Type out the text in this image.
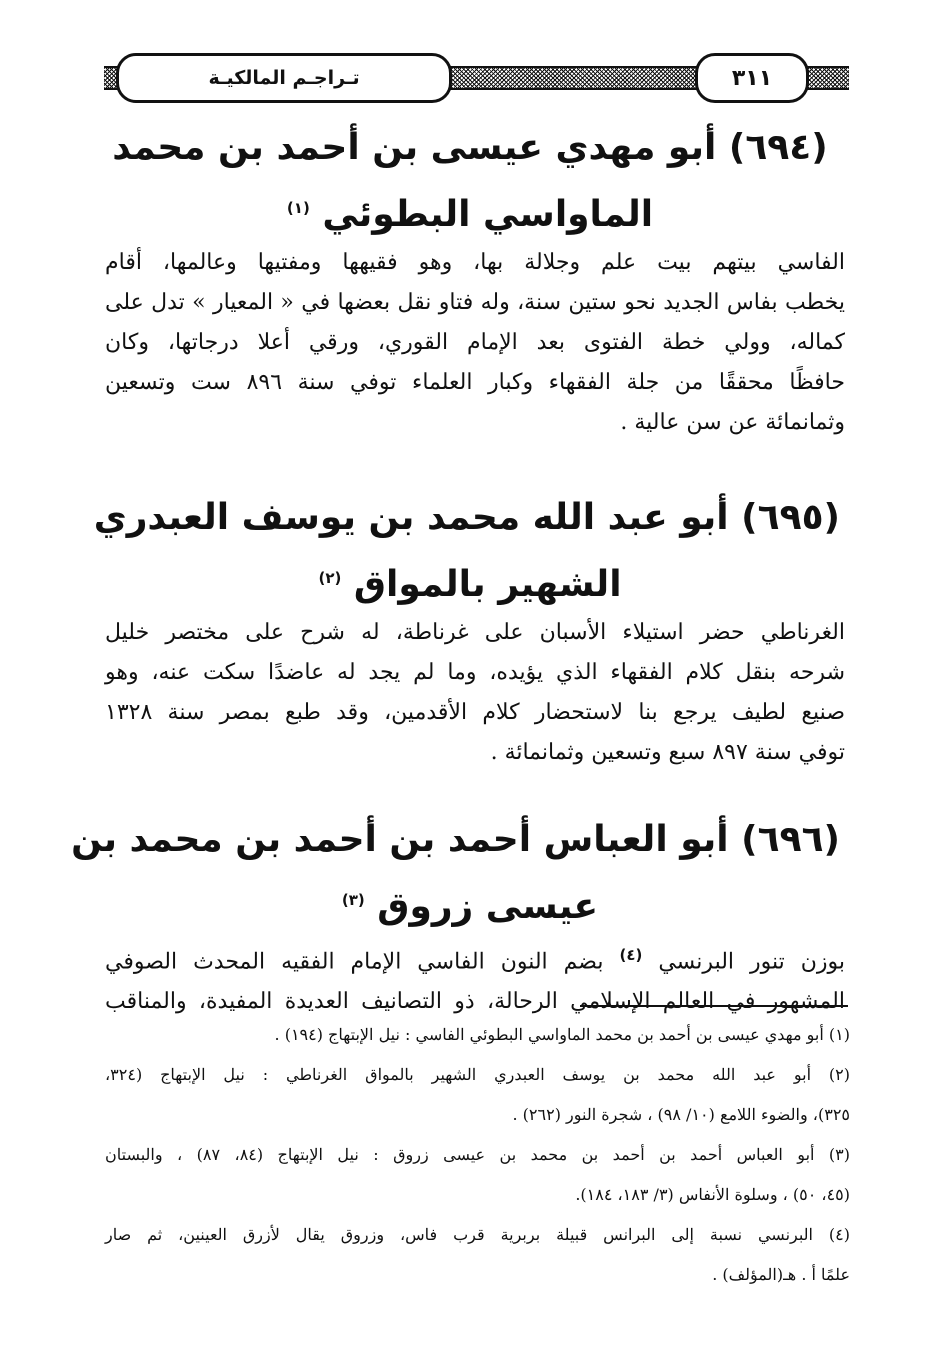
٣١١
تـراجـم المالكيـة
(٦٩٤) أبو مهدي عيسى بن أحمد بن محمد
الماواسي البطوئي $^{(١)}$
الفاسي بيتهم بيت علم وجلالة بها، وهو فقيهها ومفتيها وعالمها، أقام
يخطب بفاس الجديد نحو ستين سنة، وله فتاو نقل بعضها في « المعيار » تدل على
كماله، وولي خطة الفتوى بعد الإمام القوري، ورقي أعلا درجاتها، وكان
حافظًا محققًا من جلة الفقهاء وكبار العلماء توفي سنة ٨٩٦ ست وتسعين
وثمانمائة عن سن عالية .
(٦٩٥) أبو عبد الله محمد بن يوسف العبدري
الشهير بالمواق $^{(٢)}$
الغرناطي حضر استيلاء الأسبان على غرناطة، له شرح على مختصر خليل
شرحه بنقل كلام الفقهاء الذي يؤيده، وما لم يجد له عاضدًا سكت عنه، وهو
صنيع لطيف يرجع بنا لاستحضار كلام الأقدمين، وقد طبع بمصر سنة ١٣٢٨
توفي سنة ٨٩٧ سبع وتسعين وثمانمائة .
(٦٩٦) أبو العباس أحمد بن أحمد بن محمد بن
عيسى زروق $^{(٣)}$
بوزن تنور البرنسي $^{(٤)}$ بضم النون الفاسي الإمام الفقيه المحدث الصوفي
المشهور في العالم الإسلامي الرحالة، ذو التصانيف العديدة المفيدة، والمناقب

(١) أبو مهدي عيسى بن أحمد بن محمد الماواسي البطوئي الفاسي : نيل الإبتهاج (١٩٤) .

(٢) أبو عبد الله محمد بن يوسف العبدري الشهير بالمواق الغرناطي : نيل الإبتهاج (٣٢٤،
٣٢٥)، والضوء اللامع (١٠/ ٩٨) ، شجرة النور (٢٦٢) .

(٣) أبو العباس أحمد بن أحمد بن محمد بن عيسى زروق : نيل الإبتهاج (٨٤، ٨٧) ، والبستان
(٤٥، ٥٠) ، وسلوة الأنفاس (٣/ ١٨٣، ١٨٤).

(٤) البرنسي نسبة إلى البرانس قبيلة بربرية قرب فاس، وزروق يقال لأزرق العينين، ثم صار
علمًا أ . هـ(المؤلف) .
